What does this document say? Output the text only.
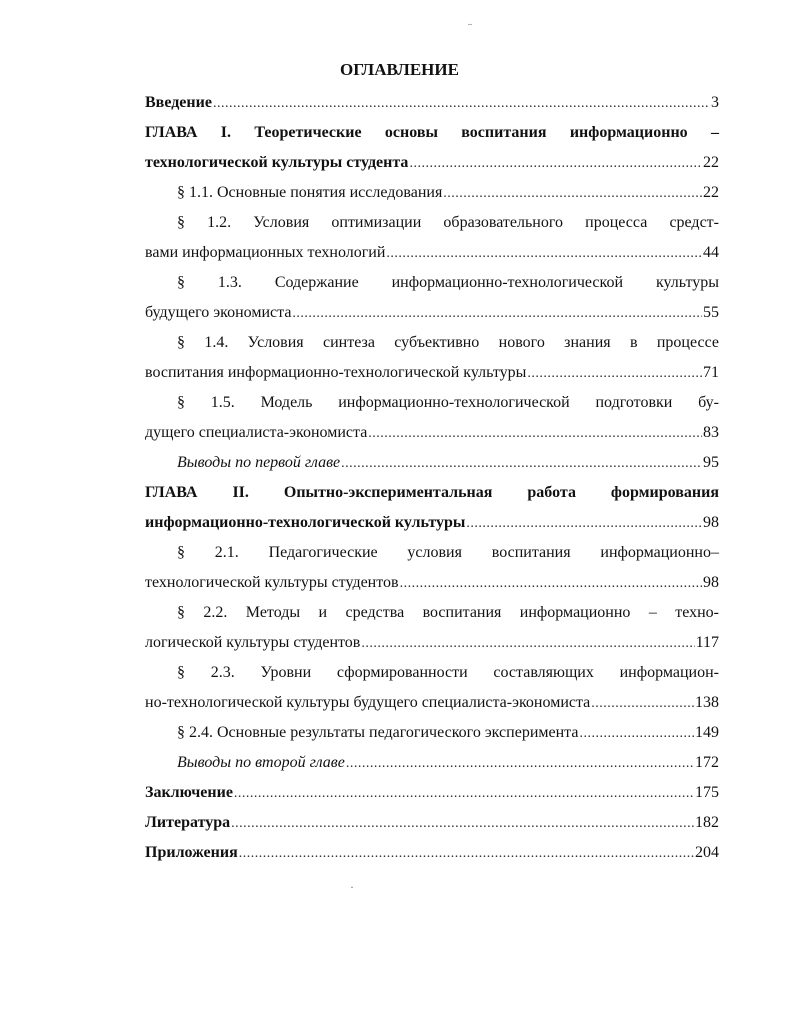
¨
ОГЛАВЛЕНИЕ
Введение .....	3
ГЛАВА I. Теоретические основы воспитания информационно –
технологической культуры студента .....	22
§ 1.1. Основные понятия исследования .....	22
§ 1.2. Условия оптимизации образовательного процесса средст-
вами информационных технологий .....	44
§ 1.3. Содержание информационно-технологической культуры
будущего экономиста .....	55
§ 1.4. Условия синтеза субъективно нового знания в процессе
воспитания информационно-технологической культуры .....	71
§ 1.5. Модель информационно-технологической подготовки бу-
дущего специалиста-экономиста .....	83
Выводы по первой главе .....	95
ГЛАВА II. Опытно-экспериментальная работа формирования
информационно-технологической культуры .....	98
§ 2.1. Педагогические условия воспитания информационно–
технологической культуры студентов .....	98
§ 2.2. Методы и средства воспитания информационно – техно-
логической культуры студентов .....	117
§ 2.3. Уровни сформированности составляющих информацион-
но-технологической культуры будущего специалиста-экономиста .....	138
§ 2.4. Основные результаты педагогического эксперимента .....	149
Выводы по второй главе .....	172
Заключение .....	175
Литература .....	182
Приложения .....	204
·
